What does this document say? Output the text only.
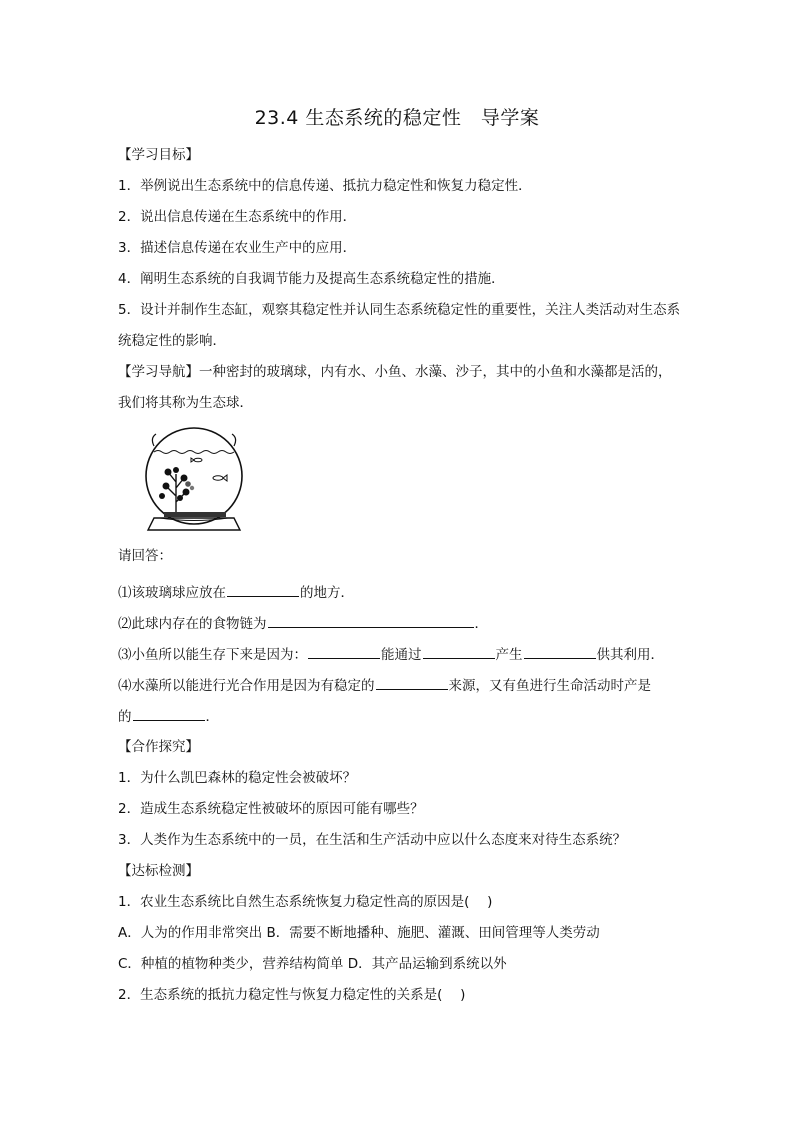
23.4 生态系统的稳定性　导学案
【学习目标】
1．举例说出生态系统中的信息传递、抵抗力稳定性和恢复力稳定性．
2．说出信息传递在生态系统中的作用．
3．描述信息传递在农业生产中的应用．
4．阐明生态系统的自我调节能力及提高生态系统稳定性的措施．
5．设计并制作生态缸，观察其稳定性并认同生态系统稳定性的重要性，关注人类活动对生态系统稳定性的影响．
【学习导航】一种密封的玻璃球，内有水、小鱼、水藻、沙子，其中的小鱼和水藻都是活的，我们将其称为生态球．
请回答：
⑴该玻璃球应放在	的地方．
⑵此球内存在的食物链为	．
⑶小鱼所以能生存下来是因为：	能通过	产生	供其利用．
⑷水藻所以能进行光合作用是因为有稳定的	来源，又有鱼进行生命活动时产是
的	．
【合作探究】
1．为什么凯巴森林的稳定性会被破坏？
2．造成生态系统稳定性被破坏的原因可能有哪些？
3．人类作为生态系统中的一员，在生活和生产活动中应以什么态度来对待生态系统？
【达标检测】
1．农业生态系统比自然生态系统恢复力稳定性高的原因是(　 )
A．人为的作用非常突出 B．需要不断地播种、施肥、灌溉、田间管理等人类劳动
C．种植的植物种类少，营养结构简单 D．其产品运输到系统以外
2．生态系统的抵抗力稳定性与恢复力稳定性的关系是(　 )
